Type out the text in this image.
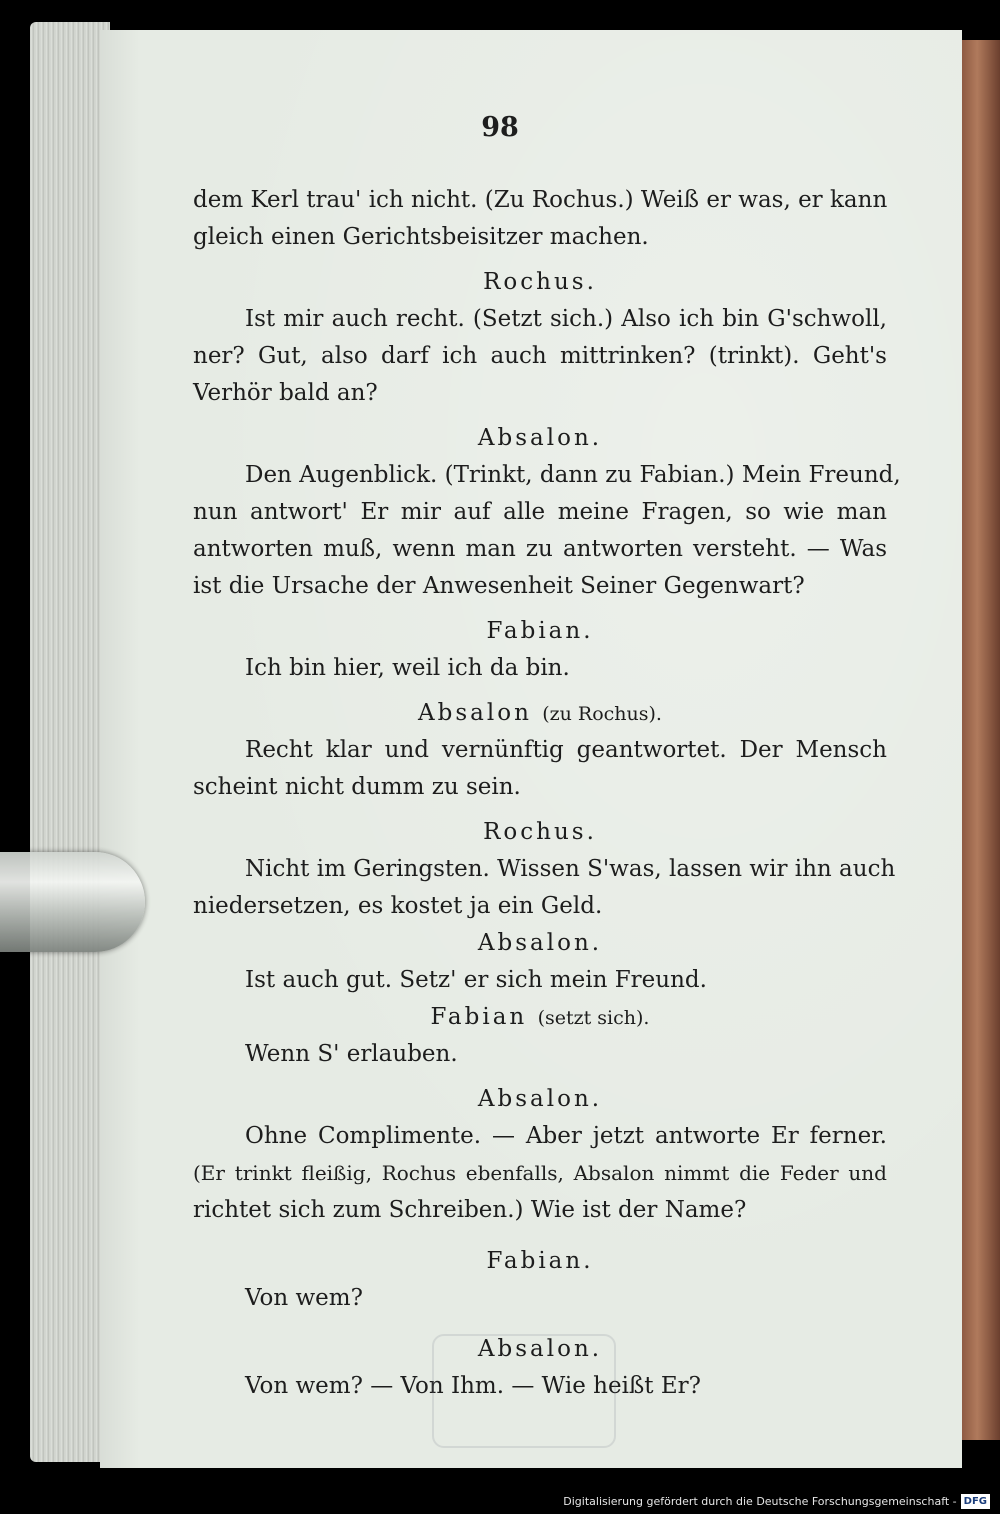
98
dem Kerl trau' ich nicht. (Zu Rochus.) Weiß er was, er kann
gleich einen Gerichtsbeisitzer machen.
Rochus.
Ist mir auch recht. (Setzt sich.) Also ich bin G'schwoll,
ner? Gut, also darf ich auch mittrinken? (trinkt). Geht's
Verhör bald an?
Absalon.
Den Augenblick. (Trinkt, dann zu Fabian.) Mein Freund,
nun antwort' Er mir auf alle meine Fragen, so wie man
antworten muß, wenn man zu antworten versteht. — Was
ist die Ursache der Anwesenheit Seiner Gegenwart?
Fabian.
Ich bin hier, weil ich da bin.
Absalon (zu Rochus).
Recht klar und vernünftig geantwortet. Der Mensch
scheint nicht dumm zu sein.
Rochus.
Nicht im Geringsten. Wissen S'was, lassen wir ihn auch
niedersetzen, es kostet ja ein Geld.
Absalon.
Ist auch gut. Setz' er sich mein Freund.
Fabian (setzt sich).
Wenn S' erlauben.
Absalon.
Ohne Complimente. — Aber jetzt antworte Er ferner.
(Er trinkt fleißig, Rochus ebenfalls, Absalon nimmt die Feder und
richtet sich zum Schreiben.) Wie ist der Name?
Fabian.
Von wem?
Absalon.
Von wem? — Von Ihm. — Wie heißt Er?
Digitalisierung gefördert durch die Deutsche Forschungsgemeinschaft - DFG
